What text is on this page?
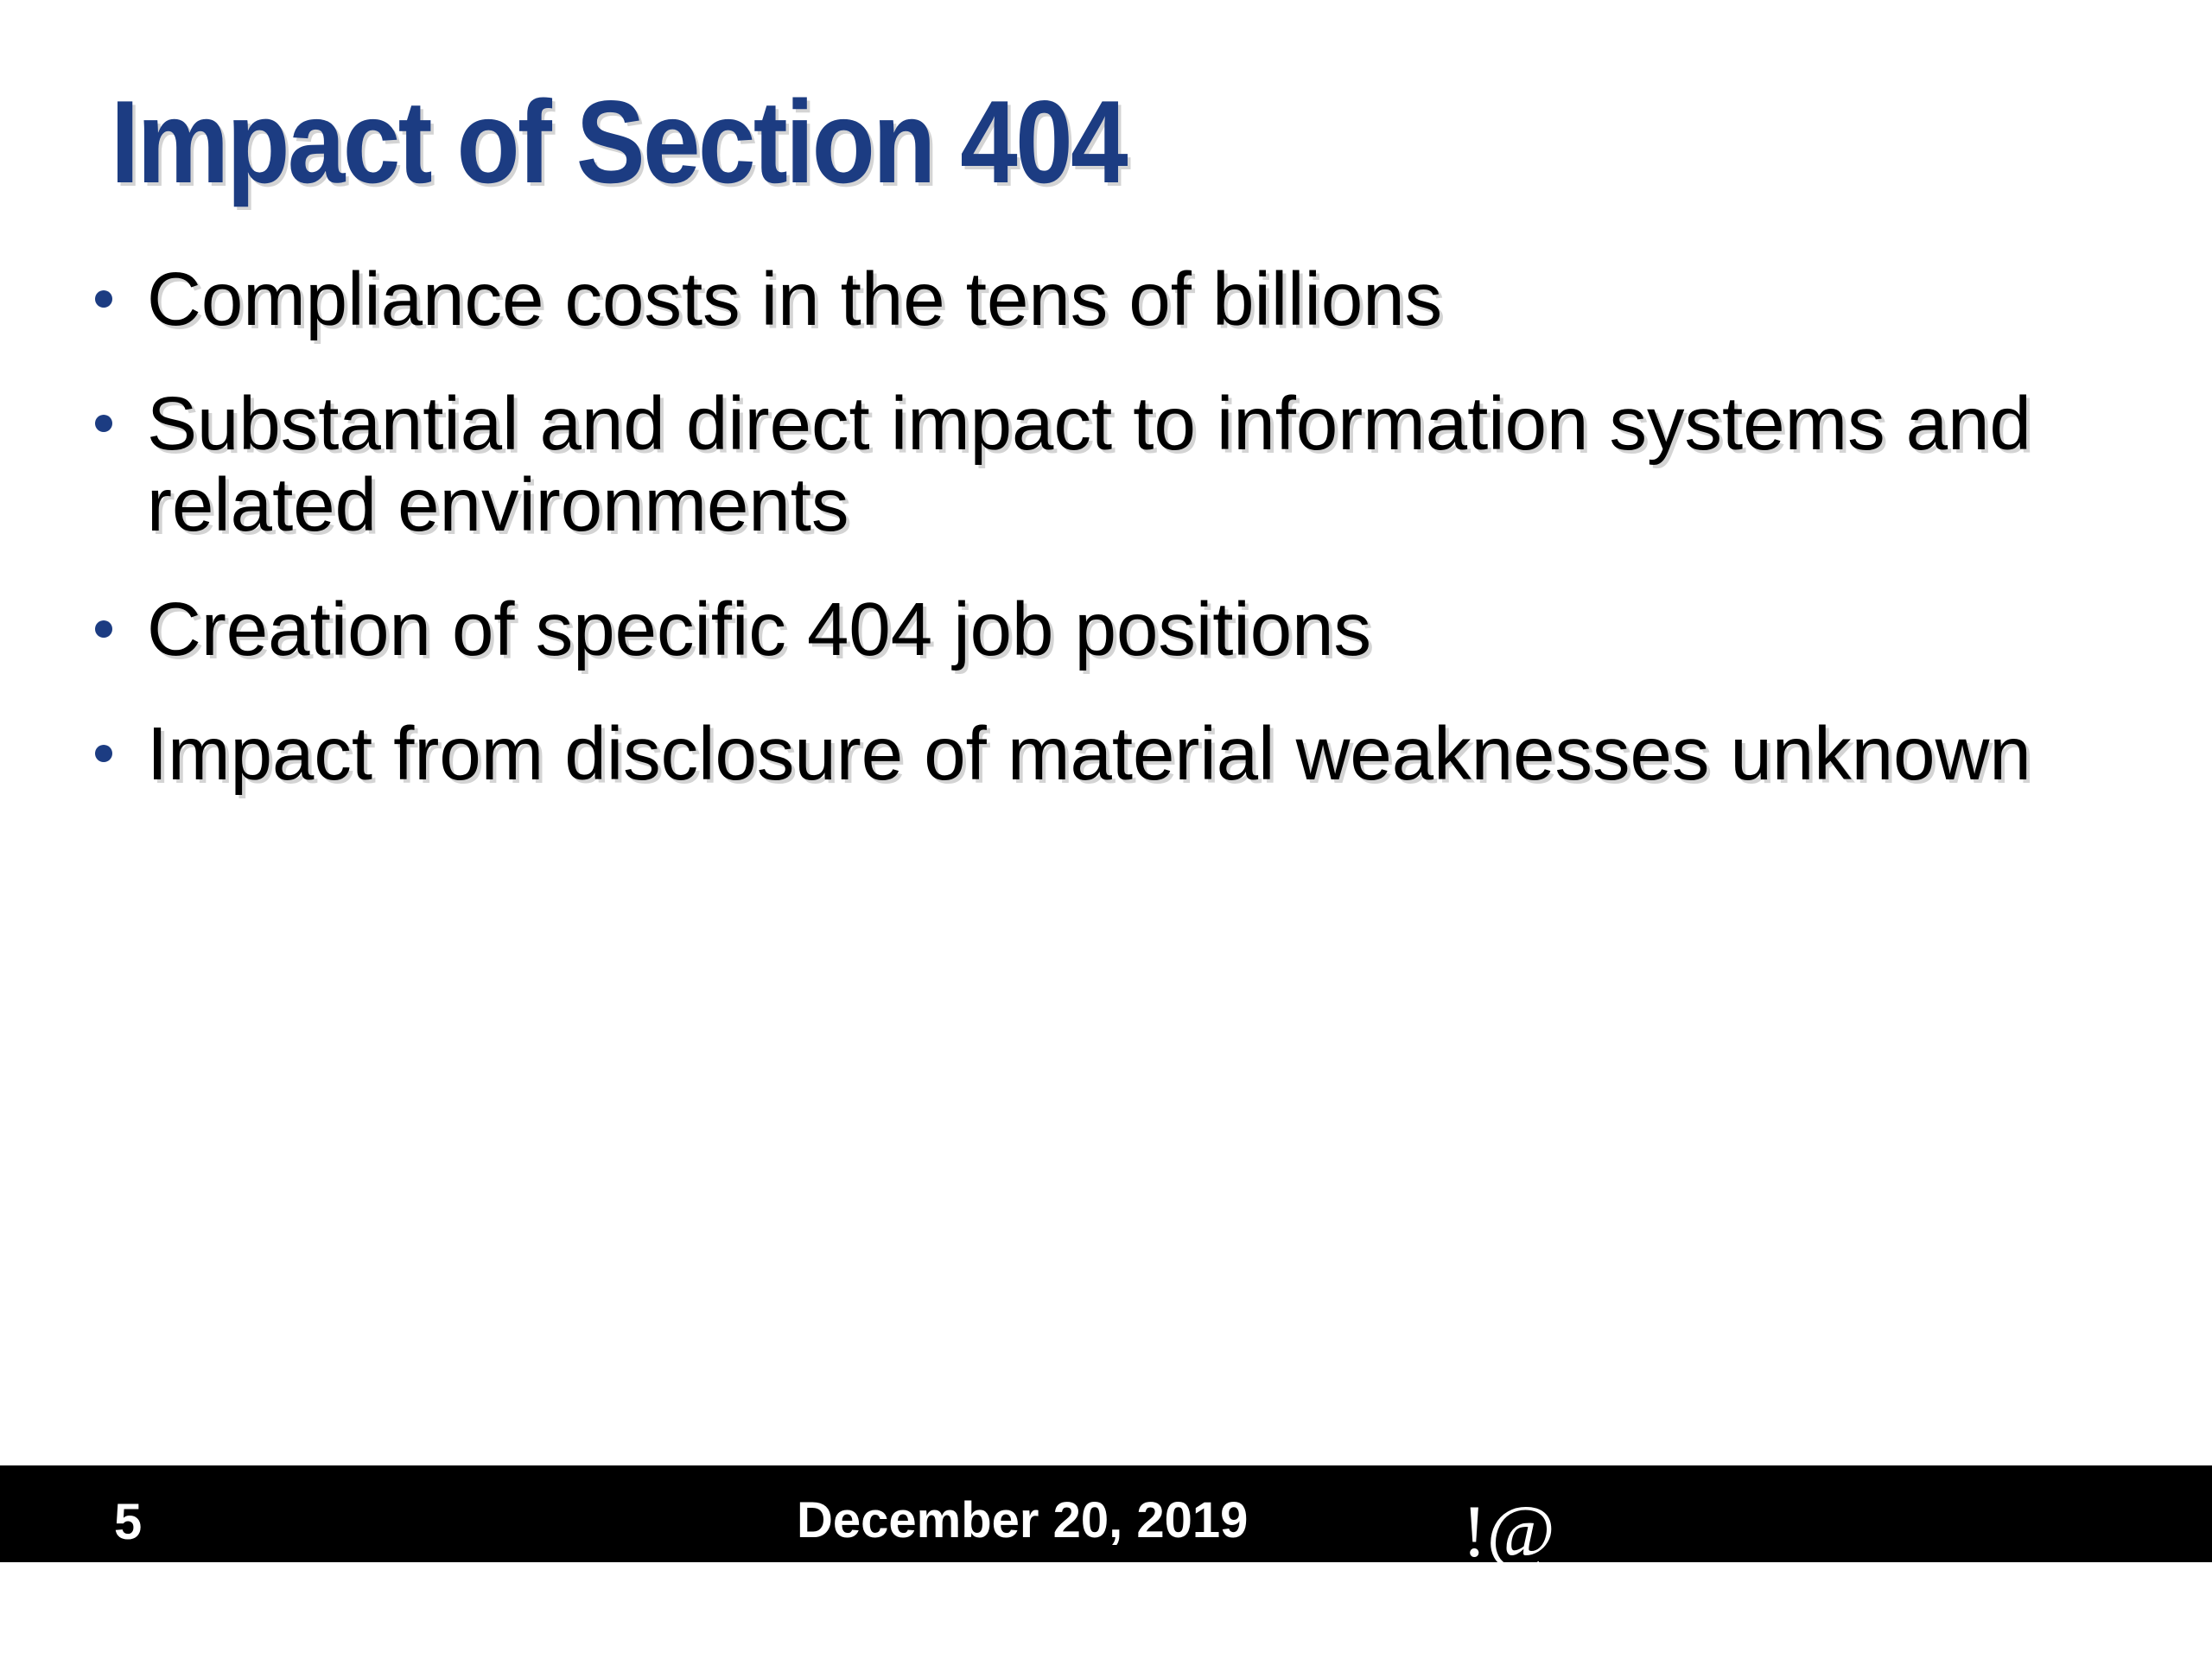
Impact of Section 404
Compliance costs in the tens of billions
Substantial and direct impact to information systems and related environments
Creation of specific 404 job positions
Impact from disclosure of material weaknesses unknown
5	December 20, 2019	!@	”
